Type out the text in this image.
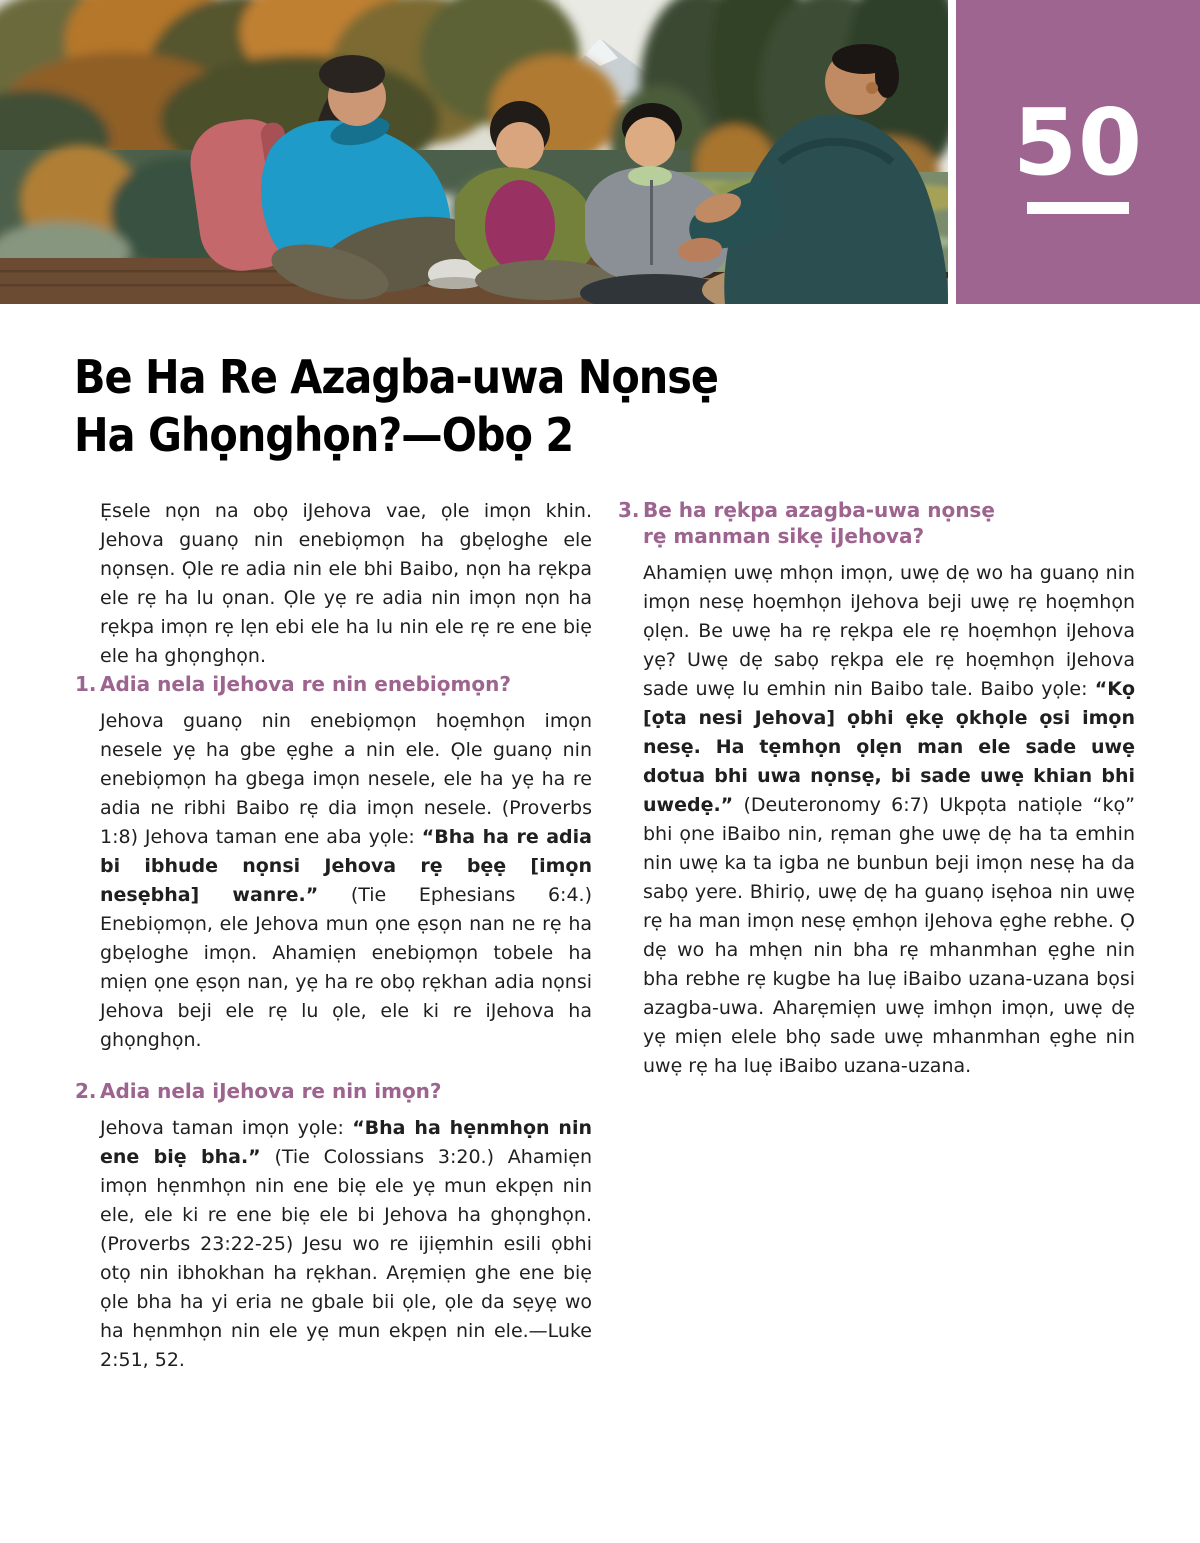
50
Be Ha Re Azagba-uwa Nọnsẹ
Ha Ghọnghọn?—Obọ 2

Ẹsele nọn na obọ iJehova vae, ọle imọn khin. Jehova guanọ nin enebiọmọn ha gbẹloghe ele nọnsẹn. Ọle re adia nin ele bhi Baibo, nọn ha rẹkpa ele rẹ ha lu ọnan. Ọle yẹ re adia nin imọn nọn ha rẹkpa imọn rẹ lẹn ebi ele ha lu nin ele rẹ re ene biẹ ele ha ghọnghọn.

1. Adia nela iJehova re nin enebiọmọn?

Jehova guanọ nin enebiọmọn hoẹmhọn imọn nesele yẹ ha gbe ẹghe a nin ele. Ọle guanọ nin enebiọmọn ha gbega imọn nesele, ele ha yẹ ha re adia ne ribhi Baibo rẹ dia imọn nesele. (Proverbs 1:8) Jehova taman ene aba yọle: “Bha ha re adia bi ibhude nọnsi Jehova rẹ bẹẹ [imọn nesẹbha] wanre.” (Tie Ephesians 6:4.) Enebiọmọn, ele Jehova mun ọne ẹsọn nan ne rẹ ha gbẹloghe imọn. Ahamiẹn enebiọmọn tobele ha miẹn ọne ẹsọn nan, yẹ ha re obọ rẹkhan adia nọnsi Jehova beji ele rẹ lu ọle, ele ki re iJehova ha ghọnghọn.

2. Adia nela iJehova re nin imọn?

Jehova taman imọn yọle: “Bha ha hẹnmhọn nin ene biẹ bha.” (Tie Colossians 3:20.) Ahamiẹn imọn hẹnmhọn nin ene biẹ ele yẹ mun ekpẹn nin ele, ele ki re ene biẹ ele bi Jehova ha ghọnghọn. (Proverbs 23:22-25) Jesu wo re ijiẹmhin esili ọbhi otọ nin ibhokhan ha rẹkhan. Arẹmiẹn ghe ene biẹ ọle bha ha yi eria ne gbale bii ọle, ọle da sẹyẹ wo ha hẹnmhọn nin ele yẹ mun ekpẹn nin ele.—Luke 2:51, 52.

3. Be ha rẹkpa azagba-uwa nọnsẹ rẹ manman sikẹ iJehova?

Ahamiẹn uwẹ mhọn imọn, uwẹ dẹ wo ha guanọ nin imọn nesẹ hoẹmhọn iJehova beji uwẹ rẹ hoẹmhọn ọlẹn. Be uwẹ ha rẹ rẹkpa ele rẹ hoẹmhọn iJehova yẹ? Uwẹ dẹ sabọ rẹkpa ele rẹ hoẹmhọn iJehova sade uwẹ lu emhin nin Baibo tale. Baibo yọle: “Kọ [ọta nesi Jehova] ọbhi ẹkẹ ọkhọle ọsi imọn nesẹ. Ha tẹmhọn ọlẹn man ele sade uwẹ dotua bhi uwa nọnsẹ, bi sade uwẹ khian bhi uwedẹ.” (Deuteronomy 6:7) Ukpọta natiọle “kọ” bhi ọne iBaibo nin, rẹman ghe uwẹ dẹ ha ta emhin nin uwẹ ka ta igba ne bunbun beji imọn nesẹ ha da sabọ yere. Bhiriọ, uwẹ dẹ ha guanọ isẹhoa nin uwẹ rẹ ha man imọn nesẹ ẹmhọn iJehova ẹghe rebhe. Ọ dẹ wo ha mhẹn nin bha rẹ mhanmhan ẹghe nin bha rebhe rẹ kugbe ha luẹ iBaibo uzana-uzana bọsi azagba-uwa. Aharẹmiẹn uwẹ imhọn imọn, uwẹ dẹ yẹ miẹn elele bhọ sade uwẹ mhanmhan ẹghe nin uwẹ rẹ ha luẹ iBaibo uzana-uzana.
